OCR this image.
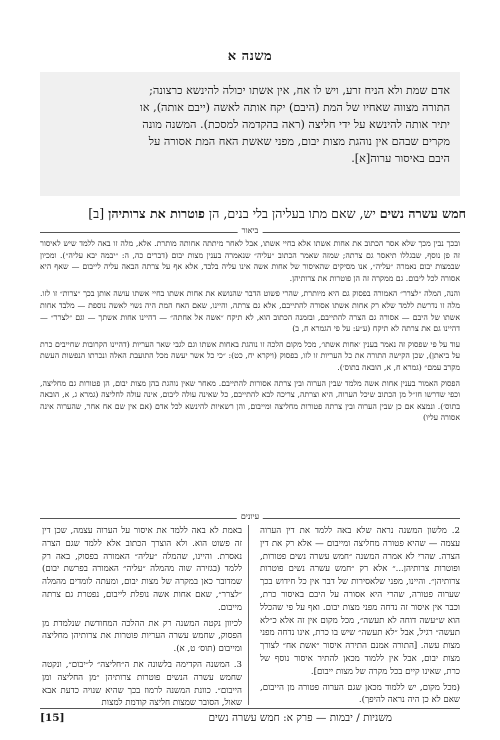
משנה א

אדם שמת ולא הניח זרע, ויש לו אח, אין אשתו יכולה להינשא כרצונה;

התורה מצווה שאחיו של המת (היבם) יקח אותה לאשה (ייבם אותה), או

יתיר אותה להינשא על ידי חליצה (ראה בהקדמה למסכת). המשנה מונה

מקרים שבהם אין נוהגת מצות יבום, מפני שאשת האח המת אסורה על

היבם באיסור ערוה[א].

חמש עשרה נשים יש, שאם מתו בעליהן בלי בנים, הן פוטרות את צרותיהן [ב]
ביאור

ובכך נבין מכך שלא אסר הכתוב את אחות אשתו אלא בחיי אשתו, אבל לאחר מיתתה אחותה מותרת. אלא, מלה זו באה ללמד שיש לאיסור זה פן נוסף, שבגללו תיאסר גם צרתה; שמזה שאמר הכתוב ״עליה״ שנאמרה בענין מצות יבום (דברים כה, ה: ״יבמה יבא עליה״). ומכיון שבמצות יבום נאמרה ״עליה״, אנו מסיקים שהאיסור של אחות אשה אינו עליה בלבד, אלא אף על צרתה הבאה עליה לייבום — שאף היא אסורה לכל ליבום. גם ממקרה זה הן פוטרות את צרותיהן.

והנה, המלה ״לצרר״ האמורה בפסוק גם היא מיותרת, שהרי פשוט הדבר שהנושא את אחות אשתו בחיי אשתו עושה אותן בכך ״צרות״ זו לזו. מלה זו נדרשת ללמד שלא רק אחות אשתו אסורה להתייבם, אלא גם צרתה, והיינו, שאם האח המת היה נשוי לאשה נוספת — מלבד אחות אשתו של היבם — אסורה גם הצרה להתייבם, ובזמנה הכתוב הוא, לא תיקח ״אשה אל אחתה״ — דהיינו אחות אשתך — וגם ״לצרר״ — דהיינו גם את צרתה לא תיקח (ע״ע: על פי הגמרא ח, ב)

עוד על פי שפסוק זה נאמר בענין ׳אחות אשתו׳, מכל מקום הלכה זו נוהגת באחות אשתו וגם לגבי שאר העריות (דהיינו הקרובות שחייבים כרת על ביאתן), שכן הקישה התורה את כל העריות זו לזו, בפסוק (ויקרא יח, כט): ״כי כל אשר יעשה מכל התועבת האלה ונכרתו הנפשות העשת מקרב עמם״ (גמרא ח, א, הובאה בתוס׳).

הפסוק האמור בענין אחות אשה מלמד שבין הערוה ובין צרתה אסורות להתייבם. מאחר שאין נוהגת בהן מצות יבום, הן פטורות גם מחליצה, וכפי שדרשו חז״ל מן הכתוב שיכל הערוה, היא וצרתה, צריכה לבא להתייבם, כל שאינה עולה ליבום, אינה עולה לחליצה (גמרא ג, א, הובאה בתוס׳). ונמצא אם כן שבין הערוה ובין צרתה פטורות מחליצה ומייבום, והן רשאיות להינשא לכל אדם (אם אין שם אח אחר, שהערוה אינה אסורה עליו)

עיונים

2. מלשון המשנה נראה שלא באה ללמד את דין הערוה עצמה — שהיא פטורה מחליצה ומייבום — אלא רק את דין הצרה. שהרי לא אמרה המשנה ״חמש עשרה נשים פטורות, ופוטרות צרותיהן...״ אלא רק ״חמש עשרה נשים פוטרות צרותיהן״. והיינו, מפני שלאסירות של דבר אין כל חידוש בכך שערוה פטורה, שהרי היא אסורה על היבם באיסור כרת, וכבר אין איסור זה נדחה מפני מצות יבום. ואף על פי שהכלל הוא ש״עשה דוחה לא תעשה״, מכל מקום אין זה אלא כ״לא תעשה״ רגיל, אבל ״לא תעשה״ שיש בו כרת, אינו נדחה מפני מצות עשה. [התורה אמנם התירה איסור ״אשת אח״ לצורך מצות יבום, אבל אין ללמוד מכאן להתיר איסור נוסף של כרת, שאינו קיים בכל מקרה של מצות ייבום].

(מכל מקום, יש ללמוד מכאן שגם הערוה פטורה מן הייבום, שאם לא כן היה נראה להיפך).

באמת לא באה ללמד את איסור על הערוה עצמה, שכן דין זה פשוט הוא. ולא הוצרך הכתוב אלא ללמד שגם הצרה נאסרת. והיינו, שהמלה ״עליה״ האמורה בפסוק, באה רק ללמד (בגזירה שוה מהמלה ״עליה״ האמורה בפרשת יבום) שמדובר כאן במקרה של מצות יבום, ומעתה לומדים מהמלה ״לצרר״, שאם אחות אשה נופלת לייבום, נפטרת גם צרתה מייבום.

לכיוון נקטה המשנה רק את ההלכה המחודשת שנלמדת מן הפסוק, שחמש עשרה העריות פוטרות את צרותיהן מחליצה ומייבום (תוס׳ ט, א).

3. המשנה הקדימה בלשונה את ה״חליצה״ ל״יבום״, ונקטה שחמש עשרה הנשים פוטרות צרותיהן ״מן החליצה ומן הייבום״. כוונת המשנה לרמוז בכך שהיא שנויה כדעת אבא שאול, הסובר שמצות חליצה קודמת למצות

[15]	משניות / יבמות — פרק א: חמש עשרה נשים
